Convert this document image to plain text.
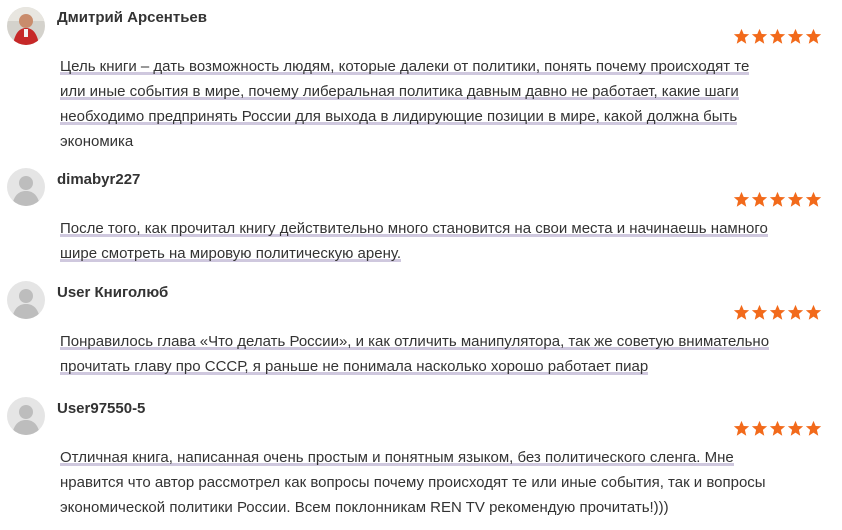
Дмитрий Арсентьев
Цель книги – дать возможность людям, которые далеки от политики, понять почему происходят те
или иные события в мире, почему либеральная политика давным давно не работает, какие шаги
необходимо предпринять России для выхода в лидирующие позиции в мире, какой должна быть
экономика
dimabyr227
После того, как прочитал книгу действительно много становится на свои места и начинаешь намного
шире смотреть на мировую политическую арену.
User Книголюб
Понравилось глава «Что делать России», и как отличить манипулятора, так же советую внимательно
прочитать главу про СССР, я раньше не понимала насколько хорошо работает пиар
User97550-5
Отличная книга, написанная очень простым и понятным языком, без политического сленга. Мне
нравится что автор рассмотрел как вопросы почему происходят те или иные события, так и вопросы
экономической политики России. Всем поклонникам REN TV рекомендую прочитать!)))
